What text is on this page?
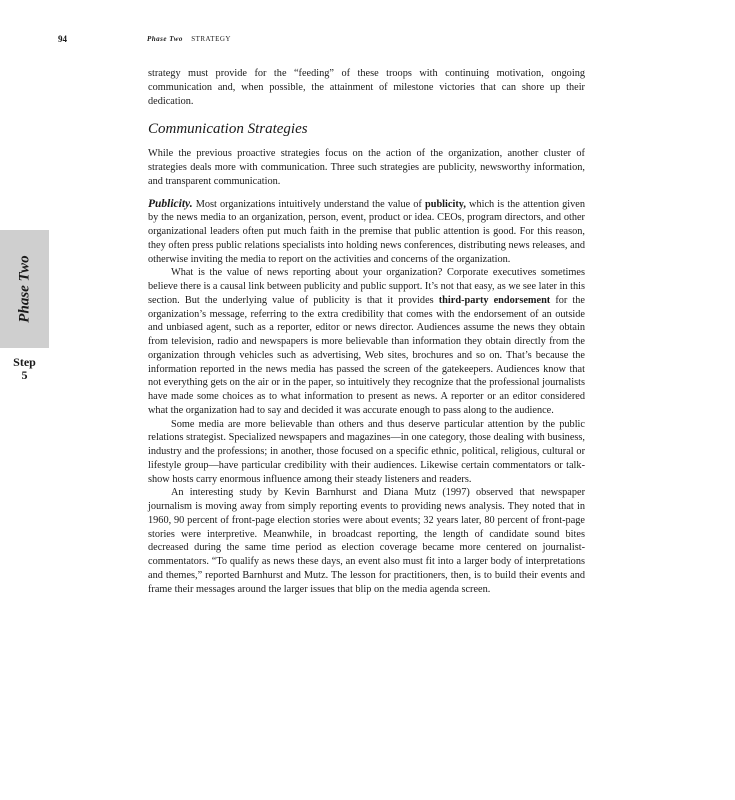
94	Phase Two STRATEGY
Phase Two
Step
5

strategy must provide for the “feeding” of these troops with continuing motivation, ongoing communication and, when possible, the attainment of milestone victories that can shore up their dedication.

Communication Strategies

While the previous proactive strategies focus on the action of the organization, another cluster of strategies deals more with communication. Three such strategies are publicity, newsworthy information, and transparent communication.

Publicity. Most organizations intuitively understand the value of publicity, which is the attention given by the news media to an organization, person, event, product or idea. CEOs, program directors, and other organizational leaders often put much faith in the premise that public attention is good. For this reason, they often press public relations specialists into holding news conferences, distributing news releases, and otherwise inviting the media to report on the activities and concerns of the organization.

What is the value of news reporting about your organization? Corporate executives sometimes believe there is a causal link between publicity and public support. It’s not that easy, as we see later in this section. But the underlying value of publicity is that it provides third-party endorsement for the organization’s message, referring to the extra credibility that comes with the endorsement of an outside and unbiased agent, such as a reporter, editor or news director. Audiences assume the news they obtain from television, radio and newspapers is more believable than information they obtain directly from the organization through vehicles such as advertising, Web sites, brochures and so on. That’s because the information reported in the news media has passed the screen of the gatekeepers. Audiences know that not everything gets on the air or in the paper, so intuitively they recognize that the professional journalists have made some choices as to what information to present as news. A reporter or an editor considered what the organization had to say and decided it was accurate enough to pass along to the audience.

Some media are more believable than others and thus deserve particular attention by the public relations strategist. Specialized newspapers and magazines—in one category, those dealing with business, industry and the professions; in another, those focused on a specific ethnic, political, religious, cultural or lifestyle group—have particular credibility with their audiences. Likewise certain commentators or talk-show hosts carry enormous influence among their steady listeners and readers.

An interesting study by Kevin Barnhurst and Diana Mutz (1997) observed that newspaper journalism is moving away from simply reporting events to providing news analysis. They noted that in 1960, 90 percent of front-page election stories were about events; 32 years later, 80 percent of front-page stories were interpretive. Meanwhile, in broadcast reporting, the length of candidate sound bites decreased during the same time period as election coverage became more centered on journalist-commentators. “To qualify as news these days, an event also must fit into a larger body of interpretations and themes,” reported Barnhurst and Mutz. The lesson for practitioners, then, is to build their events and frame their messages around the larger issues that blip on the media agenda screen.
